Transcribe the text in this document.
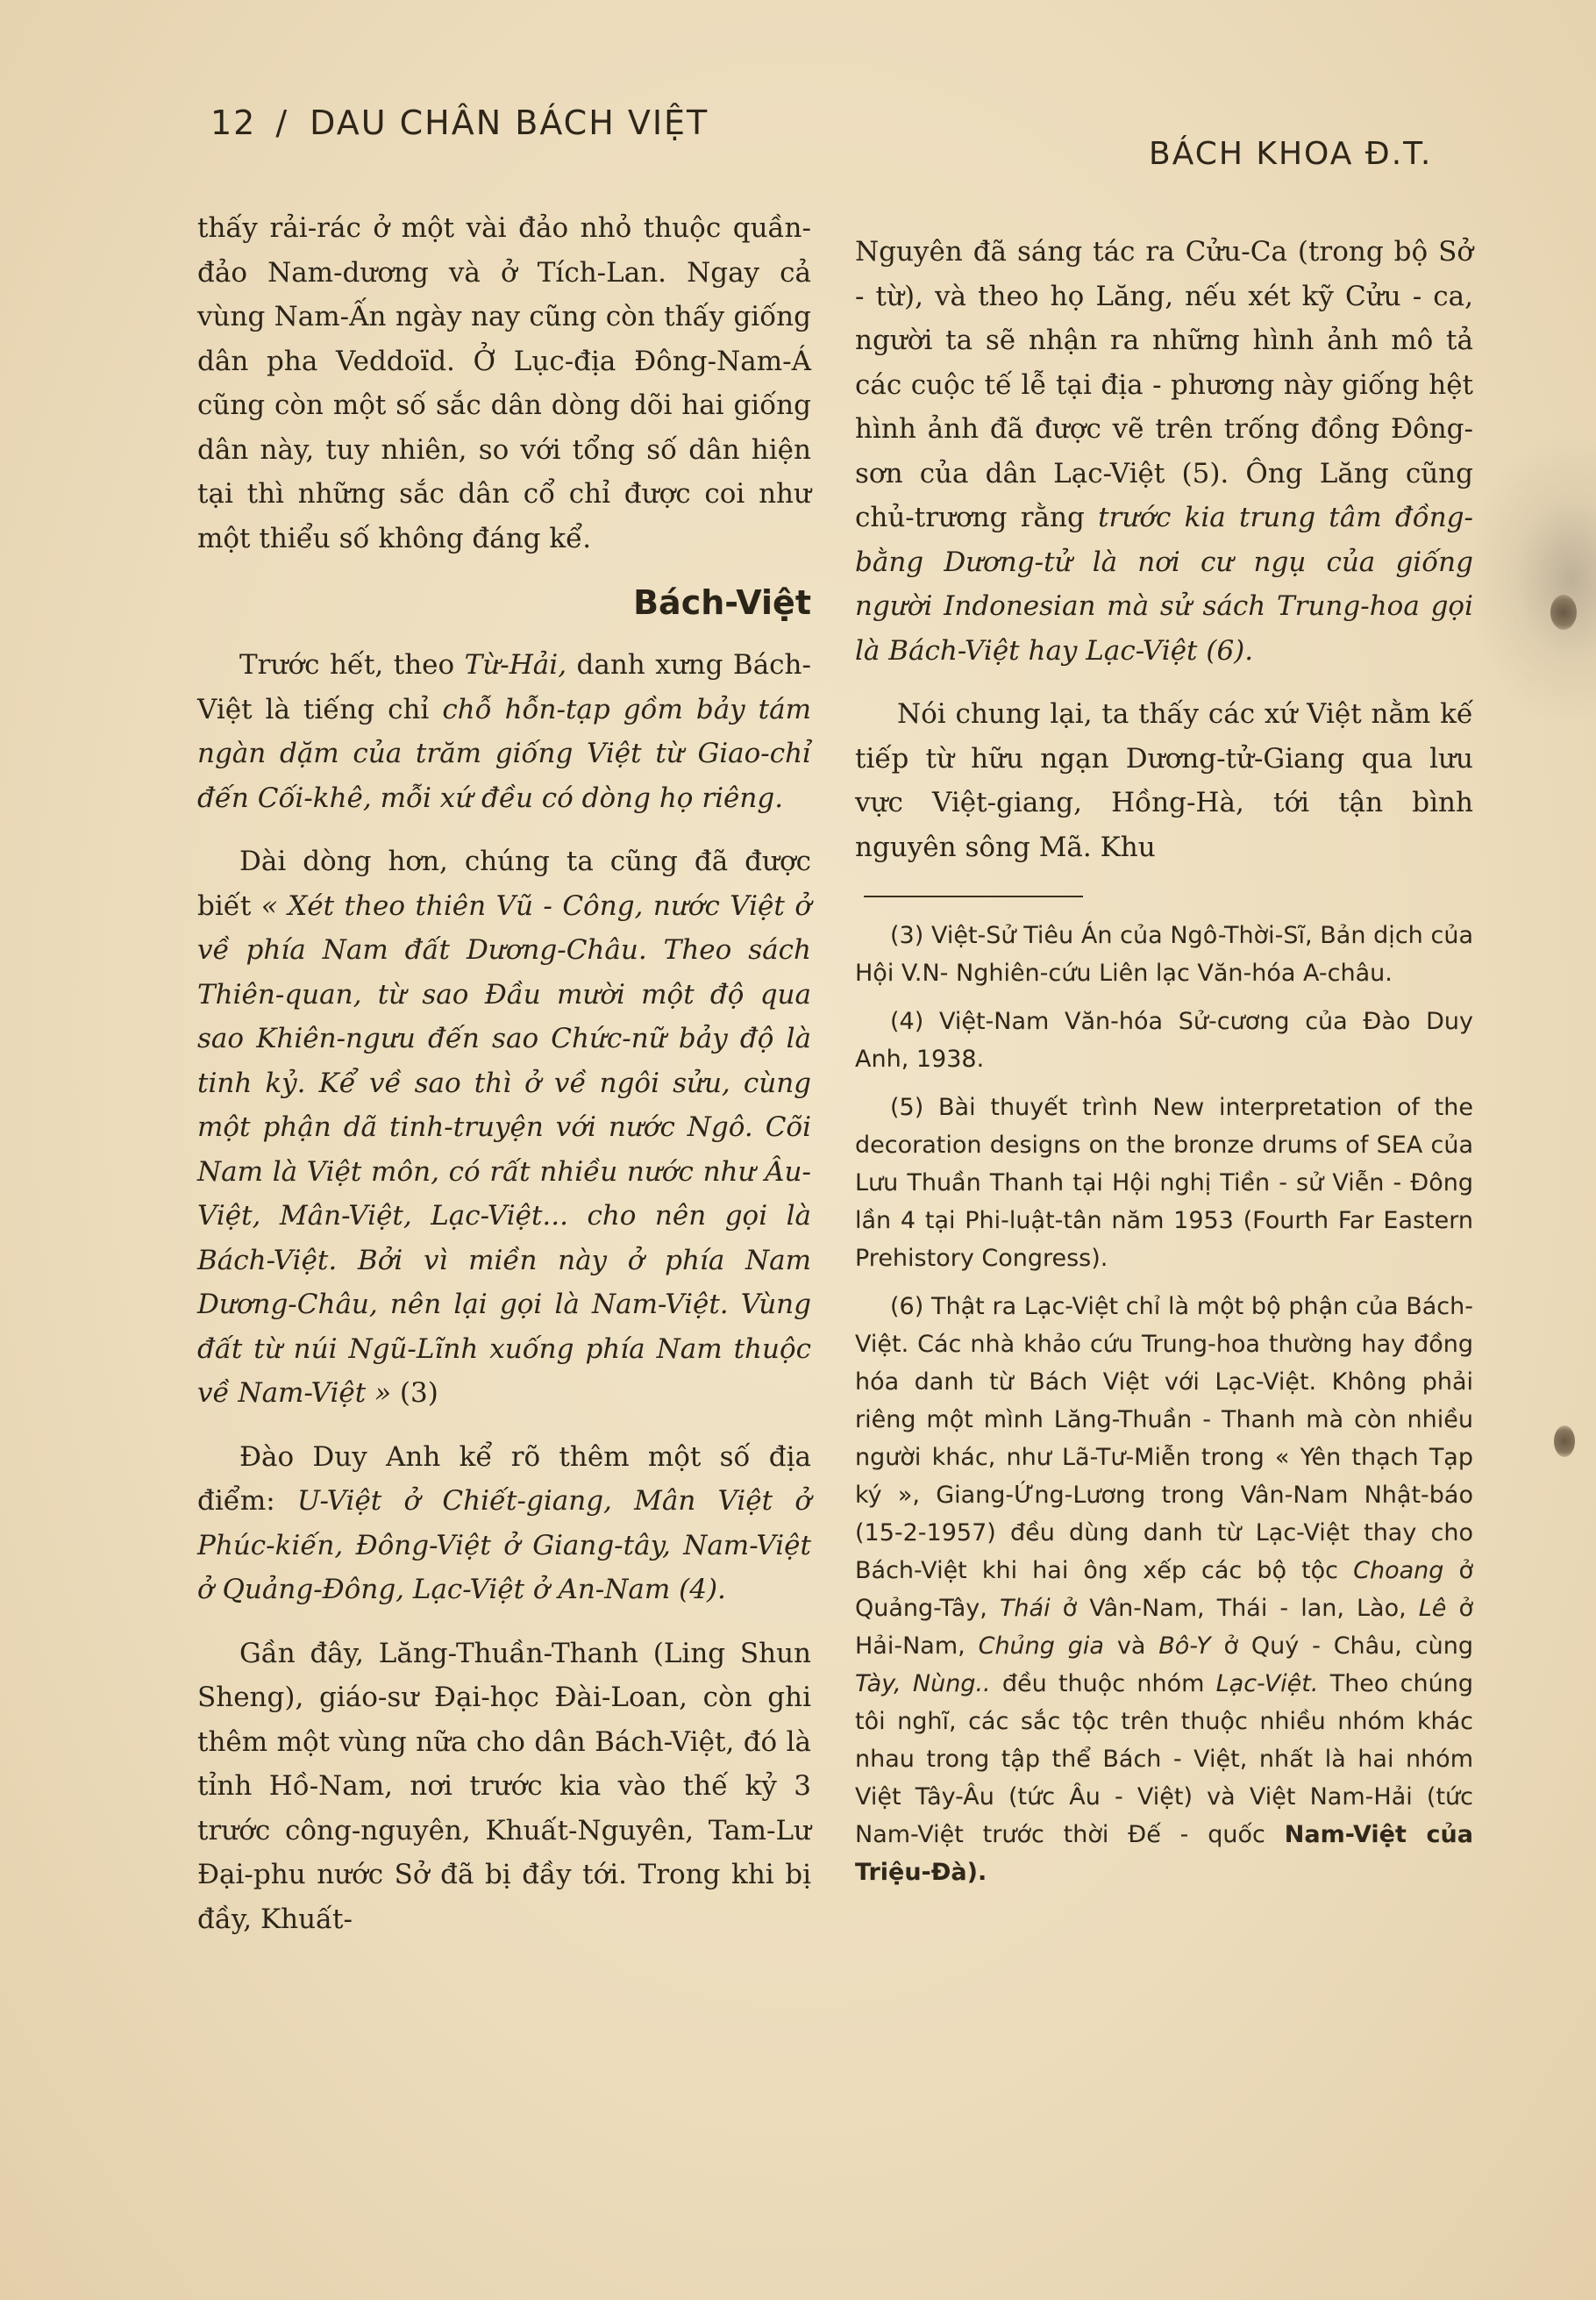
12 / DAU CHÂN BÁCH VIỆT
BÁCH KHOA Đ.T.

thấy rải-rác ở một vài đảo nhỏ thuộc quần-đảo Nam-dương và ở Tích-Lan. Ngay cả vùng Nam-Ấn ngày nay cũng còn thấy giống dân pha Veddoïd. Ở Lục-địa Đông-Nam-Á cũng còn một số sắc dân dòng dõi hai giống dân này, tuy nhiên, so với tổng số dân hiện tại thì những sắc dân cổ chỉ được coi như một thiểu số không đáng kể.

Bách-Việt

Trước hết, theo Từ-Hải, danh xưng Bách-Việt là tiếng chỉ chỗ hỗn-tạp gồm bảy tám ngàn dặm của trăm giống Việt từ Giao-chỉ đến Cối-khê, mỗi xứ đều có dòng họ riêng.

Dài dòng hơn, chúng ta cũng đã được biết « Xét theo thiên Vũ - Công, nước Việt ở về phía Nam đất Dương-Châu. Theo sách Thiên-quan, từ sao Đầu mười một độ qua sao Khiên-ngưu đến sao Chức-nữ bảy độ là tinh kỷ. Kể về sao thì ở về ngôi sửu, cùng một phận dã tinh-truyện với nước Ngô. Cõi Nam là Việt môn, có rất nhiều nước như Âu-Việt, Mân-Việt, Lạc-Việt... cho nên gọi là Bách-Việt. Bởi vì miền này ở phía Nam Dương-Châu, nên lại gọi là Nam-Việt. Vùng đất từ núi Ngũ-Lĩnh xuống phía Nam thuộc về Nam-Việt » (3)

Đào Duy Anh kể rõ thêm một số địa điểm: U-Việt ở Chiết-giang, Mân Việt ở Phúc-kiến, Đông-Việt ở Giang-tây, Nam-Việt ở Quảng-Đông, Lạc-Việt ở An-Nam (4).

Gần đây, Lăng-Thuần-Thanh (Ling Shun Sheng), giáo-sư Đại-học Đài-Loan, còn ghi thêm một vùng nữa cho dân Bách-Việt, đó là tỉnh Hồ-Nam, nơi trước kia vào thế kỷ 3 trước công-nguyên, Khuất-Nguyên, Tam-Lư Đại-phu nước Sở đã bị đầy tới. Trong khi bị đầy, Khuất-

Nguyên đã sáng tác ra Cửu-Ca (trong bộ Sở - từ), và theo họ Lăng, nếu xét kỹ Cửu - ca, người ta sẽ nhận ra những hình ảnh mô tả các cuộc tế lễ tại địa - phương này giống hệt hình ảnh đã được vẽ trên trống đồng Đông-sơn của dân Lạc-Việt (5). Ông Lăng cũng chủ-trương rằng trước kia trung tâm đồng-bằng Dương-tử là nơi cư ngụ của giống người Indonesian mà sử sách Trung-hoa gọi là Bách-Việt hay Lạc-Việt (6).

Nói chung lại, ta thấy các xứ Việt nằm kế tiếp từ hữu ngạn Dương-tử-Giang qua lưu vực Việt-giang, Hồng-Hà, tới tận bình nguyên sông Mã. Khu

(3) Việt-Sử Tiêu Án của Ngô-Thời-Sĩ, Bản dịch của Hội V.N- Nghiên-cứu Liên lạc Văn-hóa A-châu.

(4) Việt-Nam Văn-hóa Sử-cương của Đào Duy Anh, 1938.

(5) Bài thuyết trình New interpretation of the decoration designs on the bronze drums of SEA của Lưu Thuần Thanh tại Hội nghị Tiền - sử Viễn - Đông lần 4 tại Phi-luật-tân năm 1953 (Fourth Far Eastern Prehistory Congress).

(6) Thật ra Lạc-Việt chỉ là một bộ phận của Bách-Việt. Các nhà khảo cứu Trung-hoa thường hay đồng hóa danh từ Bách Việt với Lạc-Việt. Không phải riêng một mình Lăng-Thuần - Thanh mà còn nhiều người khác, như Lã-Tư-Miễn trong « Yên thạch Tạp ký », Giang-Ứng-Lương trong Vân-Nam Nhật-báo (15-2-1957) đều dùng danh từ Lạc-Việt thay cho Bách-Việt khi hai ông xếp các bộ tộc Choang ở Quảng-Tây, Thái ở Vân-Nam, Thái - lan, Lào, Lê ở Hải-Nam, Chủng gia và Bô-Y ở Quý - Châu, cùng Tày, Nùng.. đều thuộc nhóm Lạc-Việt. Theo chúng tôi nghĩ, các sắc tộc trên thuộc nhiều nhóm khác nhau trong tập thể Bách - Việt, nhất là hai nhóm Việt Tây-Âu (tức Âu - Việt) và Việt Nam-Hải (tức Nam-Việt trước thời Đế - quốc Nam-Việt của Triệu-Đà).
